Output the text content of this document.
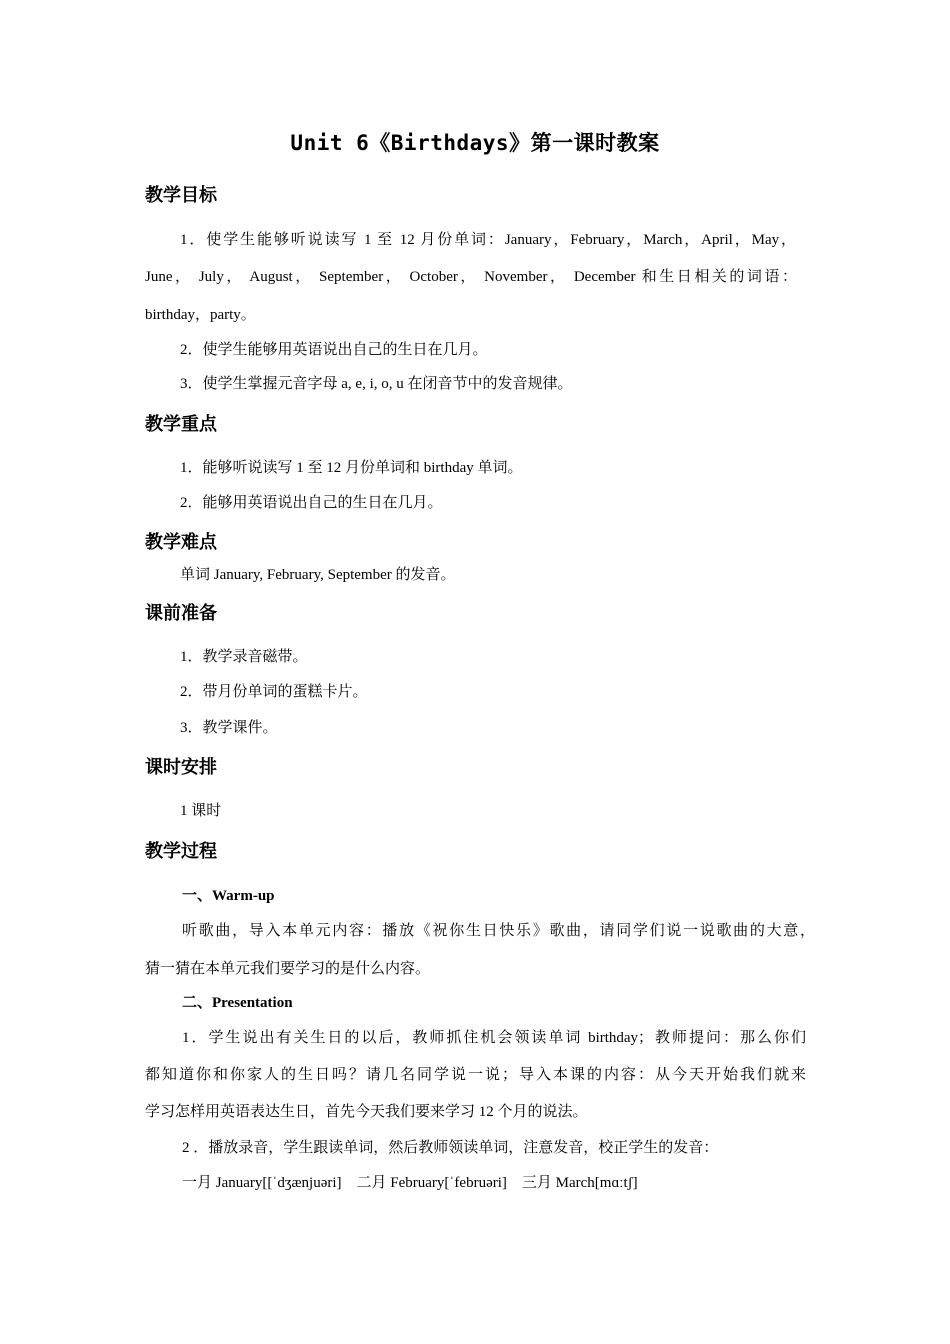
Unit 6《Birthdays》第一课时教案
教学目标
1．使学生能够听说读写 1 至 12 月份单词：January，February，March，April，May，
June， July， August， September， October， November， December 和生日相关的词语：
birthday，party。
2．使学生能够用英语说出自己的生日在几月。
3．使学生掌握元音字母 a, e, i, o, u 在闭音节中的发音规律。
教学重点
1．能够听说读写 1 至 12 月份单词和 birthday 单词。
2．能够用英语说出自己的生日在几月。
教学难点
单词 January, February, September 的发音。
课前准备
1．教学录音磁带。
2．带月份单词的蛋糕卡片。
3．教学课件。
课时安排
1 课时
教学过程
一、Warm-up
听歌曲，导入本单元内容：播放《祝你生日快乐》歌曲，请同学们说一说歌曲的大意，
猜一猜在本单元我们要学习的是什么内容。
二、Presentation
1．学生说出有关生日的以后，教师抓住机会领读单词 birthday；教师提问：那么你们
都知道你和你家人的生日吗？请几名同学说一说；导入本课的内容：从今天开始我们就来
学习怎样用英语表达生日，首先今天我们要来学习 12 个月的说法。
2 ．播放录音，学生跟读单词，然后教师领读单词，注意发音，校正学生的发音：
一月 January[[ˈdʒænjuəri]    二月 February[ˈfebruəri]    三月 March[mɑːtʃ]
